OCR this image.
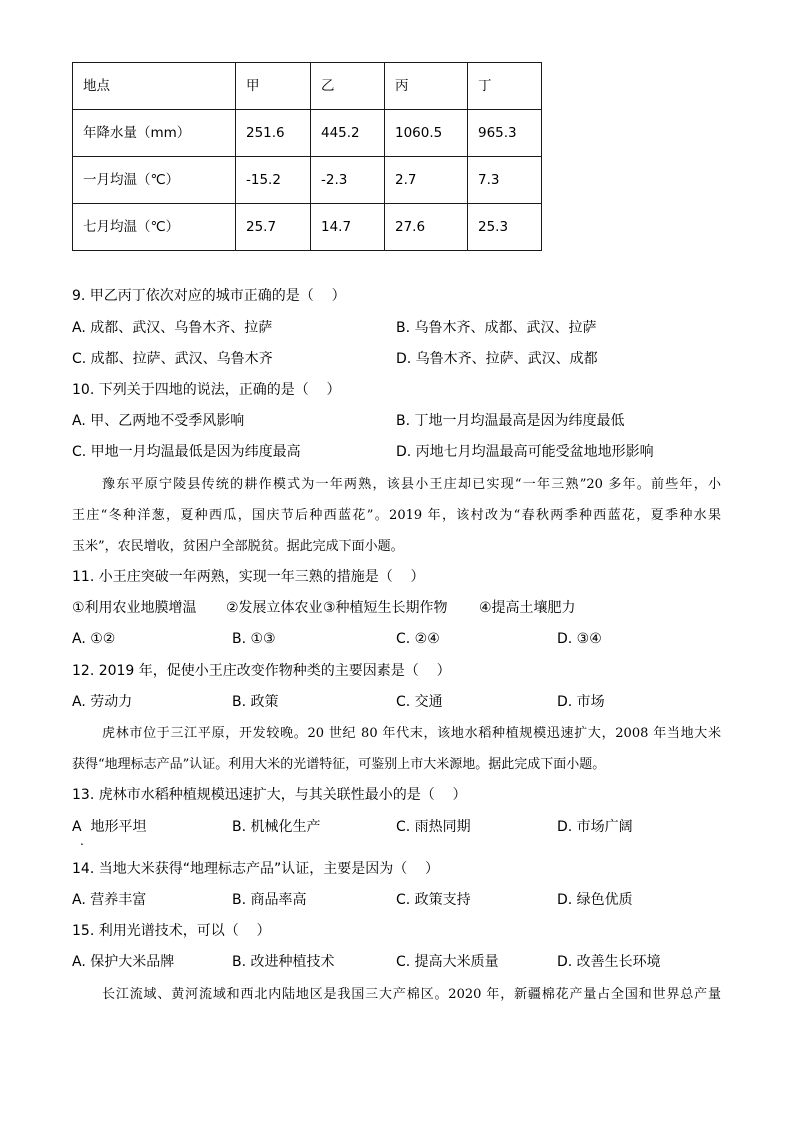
地点	甲	乙	丙	丁
年降水量（mm）	251.6	445.2	1060.5	965.3
一月均温（℃）	-15.2	-2.3	2.7	7.3
七月均温（℃）	25.7	14.7	27.6	25.3
9. 甲乙丙丁依次对应的城市正确的是（    ）

A. 成都、武汉、乌鲁木齐、拉萨

	B. 乌鲁木齐、成都、武汉、拉萨

C. 成都、拉萨、武汉、乌鲁木齐

	D. 乌鲁木齐、拉萨、武汉、成都

10. 下列关于四地的说法，正确的是（    ）

A. 甲、乙两地不受季风影响

	B. 丁地一月均温最高是因为纬度最低

C. 甲地一月均温最低是因为纬度最高

	D. 丙地七月均温最高可能受盆地地形影响

豫东平原宁陵县传统的耕作模式为一年两熟，该县小王庄却已实现“一年三熟”20 多年。前些年，小
王庄“冬种洋葱，夏种西瓜，国庆节后种西蓝花”。2019 年，该村改为“春秋两季种西蓝花，夏季种水果
玉米”，农民增收，贫困户全部脱贫。据此完成下面小题。
11. 小王庄突破一年两熟，实现一年三熟的措施是（    ）

①利用农业地膜增温

②发展立体农业

③种植短生长期作物

④提高土壤肥力

A. ①②

	B. ①③

	C. ②④

	D. ③④

12. 2019 年，促使小王庄改变作物种类的主要因素是（    ）

A. 劳动力

	B. 政策

	C. 交通

	D. 市场

虎林市位于三江平原，开发较晚。20 世纪 80 年代末，该地水稻种植规模迅速扩大，2008 年当地大米
获得“地理标志产品”认证。利用大米的光谱特征，可鉴别上市大米源地。据此完成下面小题。
13. 虎林市水稻种植规模迅速扩大，与其关联性最小的是（    ）

A  地形平坦

	B. 机械化生产

	C. 雨热同期

	D. 市场广阔

.
14. 当地大米获得“地理标志产品”认证，主要是因为（    ）

A. 营养丰富

	B. 商品率高

	C. 政策支持

	D. 绿色优质

15. 利用光谱技术，可以（    ）

A. 保护大米品牌

	B. 改进种植技术

	C. 提高大米质量

	D. 改善生长环境

长江流域、黄河流域和西北内陆地区是我国三大产棉区。2020 年，新疆棉花产量占全国和世界总产量
